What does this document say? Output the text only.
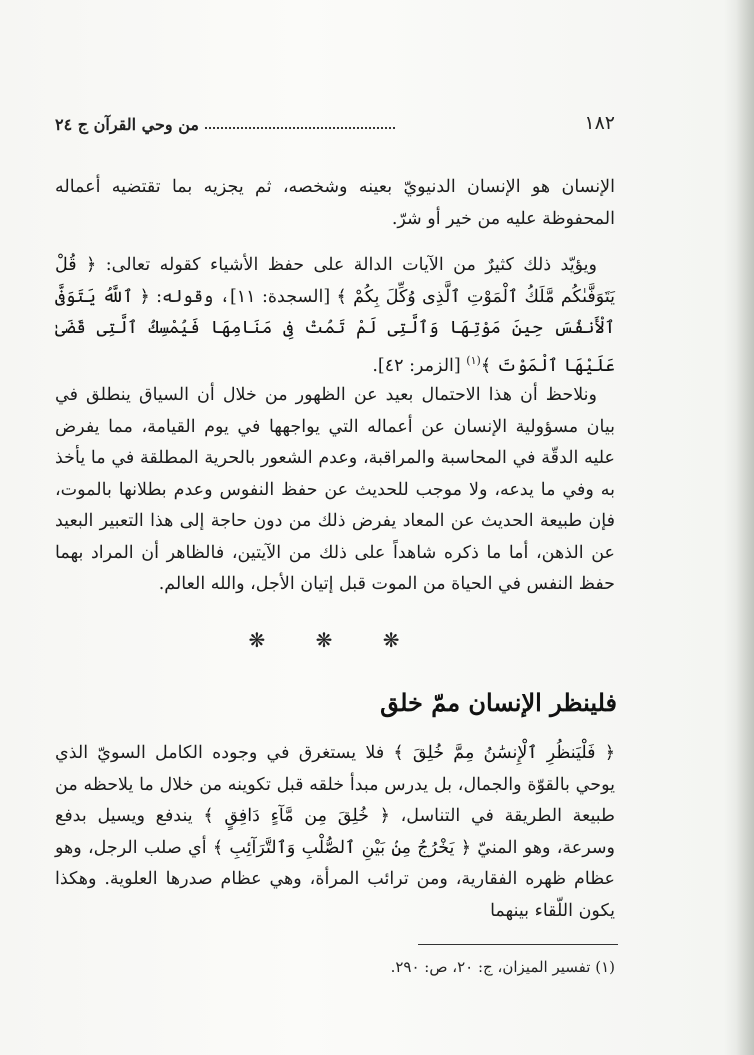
١٨٢
من وحي القرآن ج ٢٤

الإنسان هو الإنسان الدنيويّ بعينه وشخصه، ثم يجزيه بما تقتضيه أعماله المحفوظة عليه من خير أو شرّ.

ويؤيّد ذلك كثيرٌ من الآيات الدالة على حفظ الأشياء كقوله تعالى: ﴿ قُلْ يَتَوَفَّىٰكُم مَّلَكُ ٱلْمَوْتِ ٱلَّذِى وُكِّلَ بِكُمْ ﴾ [السجدة: ١١]، وقوله: ﴿ ٱللَّهُ يَتَوَفَّى ٱلْأَنفُسَ حِينَ مَوْتِهَا وَٱلَّتِى لَمْ تَمُتْ فِى مَنَامِهَا فَيُمْسِكُ ٱلَّتِى قَضَىٰ عَلَيْهَا ٱلْمَوْتَ ﴾$^{(١)}$ [الزمر: ٤٢].

ونلاحظ أن هذا الاحتمال بعيد عن الظهور من خلال أن السياق ينطلق في بيان مسؤولية الإنسان عن أعماله التي يواجهها في يوم القيامة، مما يفرض عليه الدقّة في المحاسبة والمراقبة، وعدم الشعور بالحرية المطلقة في ما يأخذ به وفي ما يدعه، ولا موجب للحديث عن حفظ النفوس وعدم بطلانها بالموت، فإن طبيعة الحديث عن المعاد يفرض ذلك من دون حاجة إلى هذا التعبير البعيد عن الذهن، أما ما ذكره شاهداً على ذلك من الآيتين، فالظاهر أن المراد بهما حفظ النفس في الحياة من الموت قبل إتيان الأجل، والله العالم.

❋ ❋ ❋
فلينظر الإنسان ممّ خلق

﴿ فَلْيَنظُرِ ٱلْإِنسَٰنُ مِمَّ خُلِقَ ﴾ فلا يستغرق في وجوده الكامل السويّ الذي يوحي بالقوّة والجمال، بل يدرس مبدأ خلقه قبل تكوينه من خلال ما يلاحظه من طبيعة الطريقة في التناسل، ﴿ خُلِقَ مِن مَّآءٍ دَافِقٍ ﴾ يندفع ويسيل بدفع وسرعة، وهو المنيّ ﴿ يَخْرُجُ مِنۢ بَيْنِ ٱلصُّلْبِ وَٱلتَّرَآئِبِ ﴾ أي صلب الرجل، وهو عظام ظهره الفقارية، ومن ترائب المرأة، وهي عظام صدرها العلوية. وهكذا يكون اللّقاء بينهما

(١) تفسير الميزان، ج: ٢٠، ص: ٢٩٠.
